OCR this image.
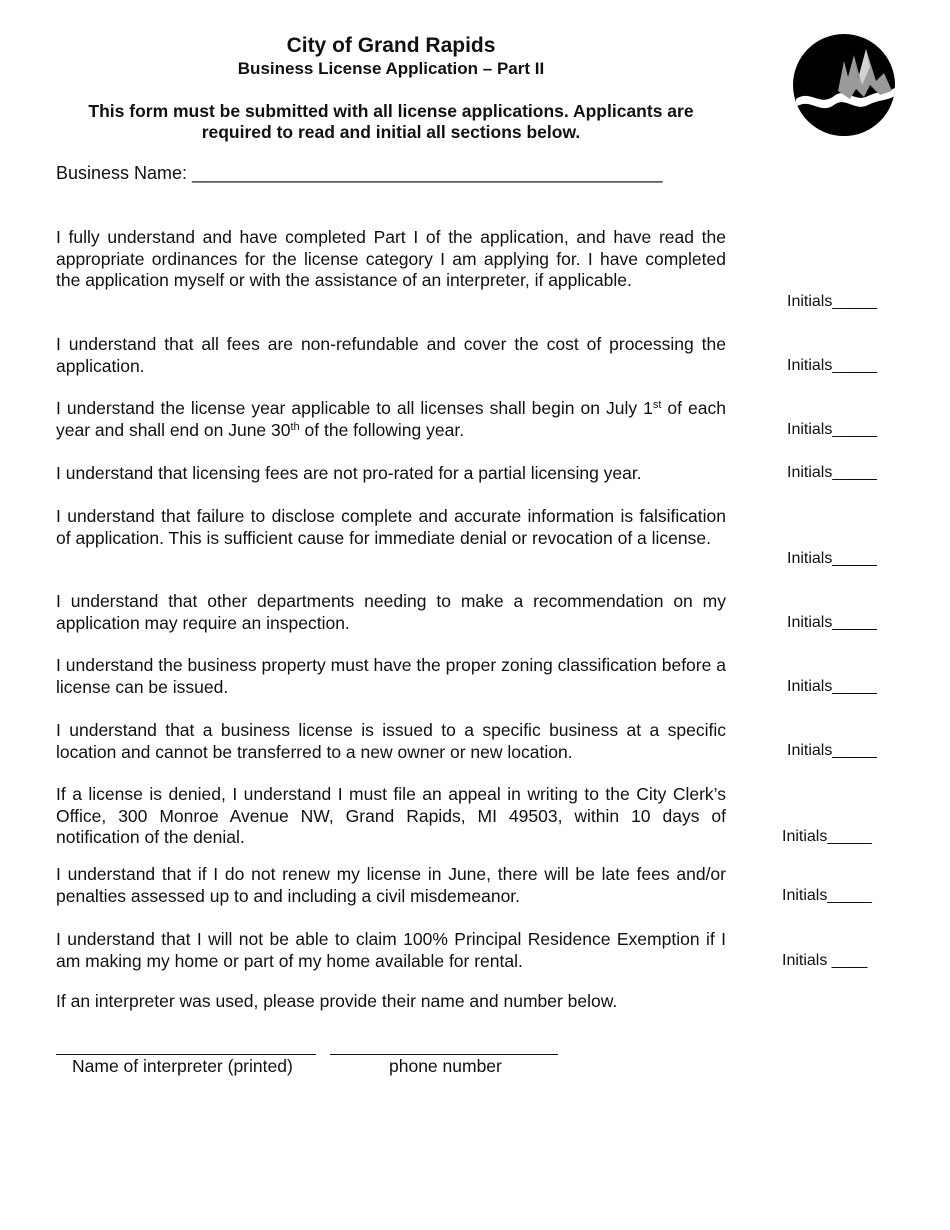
City of Grand Rapids
Business License Application – Part II
This form must be submitted with all license applications. Applicants are required to read and initial all sections below.
Business Name: _______________________________________________
I fully understand and have completed Part I of the application, and have read the appropriate ordinances for the license category I am applying for. I have completed the application myself or with the assistance of an interpreter, if applicable.
Initials_____
I understand that all fees are non-refundable and cover the cost of processing the application.	Initials_____
I understand the license year applicable to all licenses shall begin on July 1st of each year and shall end on June 30th of the following year.	Initials_____
I understand that licensing fees are not pro-rated for a partial licensing year.	Initials_____
I understand that failure to disclose complete and accurate information is falsification of application. This is sufficient cause for immediate denial or revocation of a license.
Initials_____
I understand that other departments needing to make a recommendation on my application may require an inspection.	Initials_____
I understand the business property must have the proper zoning classification before a license can be issued.	Initials_____
I understand that a business license is issued to a specific business at a specific location and cannot be transferred to a new owner or new location.	Initials_____
If a license is denied, I understand I must file an appeal in writing to the City Clerk’s Office, 300 Monroe Avenue NW, Grand Rapids, MI 49503, within 10 days of notification of the denial.	Initials_____
I understand that if I do not renew my license in June, there will be late fees and/or penalties assessed up to and including a civil misdemeanor.	Initials_____
I understand that I will not be able to claim 100% Principal Residence Exemption if I am making my home or part of my home available for rental.	Initials ____
If an interpreter was used, please provide their name and number below.
Name of interpreter (printed)	phone number
